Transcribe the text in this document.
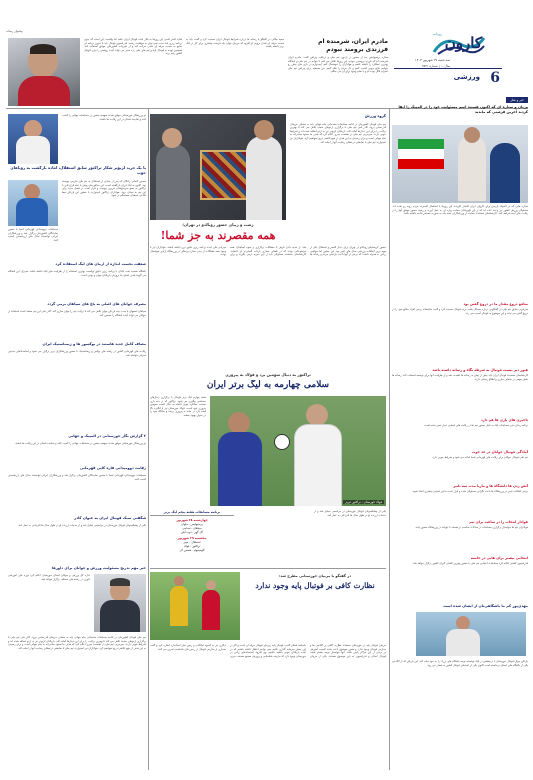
کارون
روزنامه
سه شنبه ۲۷ شهریور ۱۴۰۳
سال ... | شماره ۳۵۳۱
6
ورزشی
پیشواز رسانه
مادرم ایران، شرمنده ام
فرزندی برومند نبودم
ستاره پرسپولیس بعد از حضور در اردوی تیم ملی و دریافت پیراهن گفت: مادرم ایران شرمنده ام که فرزند برومندی نبودم. این روزها تلاش می کنم تا بتوانم در تیم ملی و باشگاه بهترین عملکرد را داشته باشم و هواداران را خوشحال کنم. امیدوارم در بازی های پیش رو بتوانیم نتایج خوبی کسب کنیم و دل مردم را شاد کنیم. من همیشه برای پیراهن تیم ملی احترام قائل بوده ام و با تمام وجود برای آن می جنگم.
شاید کمتر کسی این روزها به فکر آینده فوتبال ایران باشد اما واقعیت این است که بدون برنامه ریزی بلند مدت نمی توان به موفقیت رسید. فدراسیون فوتبال باید با تدوین برنامه ای جامع به سمت حرفه ای شدن حرکت کند و از تجربیات کشورهای موفق استفاده کند. همچنین توجه به فوتبال پایه و تیم های ملی رده سنی می تواند آینده روشنی را برای فوتبال کشور رقم بزند.
مجید جلالی در گفتگو با رسانه ها درباره شرایط فوتبال ایران صحبت کرد و گفت باید به سمت حرفه ای شدن برویم. او افزود که مربیان جوان باید فرصت بیشتری برای کار در لیگ برتر داشته باشند.
خبر و نظر
وزنان و ستاره ای که اکنون هستند اسم مسئولیت خود را در المپیک را ایفا کردند آخرین فرصتی که ماندند
ستاره هایی که در المپیک پاریس برای کاروان ایران افتخار آفریدند این روزها با استقبال گسترده مردم روبه رو شده اند. مسئولان ورزش کشور نیز وعده داده اند که از این قهرمانان حمایت ویژه ای به عمل آورند و زمینه حضور موفق آنها را در رقابت های آینده فراهم کنند. کارشناسان معتقدند حمایت از ورزشکاران نخبه باید به صورت مستمر ادامه داشته باشد.
منافع دروغ مقدار ما در دروغ گفتن بود
سرمربی سابق تیم ملی در گفتگویی درباره مسائل پشت پرده فوتبال صحبت کرد و گفت متاسفانه برخی افراد منافع خود را در دروغ گفتن می بینند و این موضوع به فوتبال آسیب می زند.
هنوز دیر نیست فوتبال به شرطه نگاه و رسانه داشته باشد
کارشناسان معتقدند فوتبال ایران باید بیش از پیش به رسانه ها اهمیت دهد و از ظرفیت آنها برای توسعه استفاده کند. رسانه ها نقش مهمی در شفاف سازی و اطلاع رسانی دارند.
تاخیری های بازی ها هم دارد
برنامه زمان بندی مسابقات لیگ به دلیل حضور تیم ها در رقابت های آسیایی دچار تغییر شده است.
آمادگی فوتبال جوانان در حد خوب
تیم ملی فوتبال جوانان برای رقابت های قهرمانی آسیا آماده می شود و شرایط خوبی دارد.
آتش زدن ها دانشگاه ها و ماریا مدت سه تاثیر
برخی اتفاقات اخیر در ورزشگاه ها باعث نگرانی مسئولان شده و قرار است تدابیر امنیتی بیشتری اتخاذ شود.
هوادار انتخاب را در ساعت برای تیم
هواداران تیم ها خواستار برگزاری مسابقات در ساعات مناسب تر هستند تا بتوانند در ورزشگاه حضور یابند.
انتخابی بیشتر برای هایی در جامعه
فدراسیون کشتی اعلام کرد مسابقات انتخابی تیم ملی با حضور بهترین کشتی گیران کشور برگزار خواهد شد.
مهدی‌پور کم ما باشگاهی‌تان از ایشان شده است
بازیکن جوان فوتبال خوزستان با درخشش در لیگ توانسته توجه باشگاه های بزرگ را به خود جلب کند. این بازیکن که از آکادمی یکی از باشگاه های استان برخاسته است اکنون یکی از امیدهای فوتبال کشور به شمار می رود.
گروه ورزش
تیم ملی فوتبال کشورمان در ادامه مسابقات مقدماتی جام جهانی باید به مصاف حریفان قدرتمندی برود. کادر فنی تیم ملی با برگزاری اردوهای متعدد تلاش می کند تا بهترین ترکیب را برای این دیدارها آماده کند. بازیکنان لژیونر نیز به اردو اضافه شده اند و شرایط خوبی دارند. سرمربی تیم ملی در نشست خبری اعلام کرد که هدف ما صعود مقتدرانه به جام جهانی است و برای رسیدن به این هدف از هیچ تلاشی دریغ نخواهیم کرد. هواداران نیز امیدوارند تیم ملی با نمایشی درخشان رضایت آنها را جلب کند.
زشت و زیبای حضور روبالدو در تهران؛
همه مقصرند به جز شما!
حضور کریستیانو رونالدو در تهران برای دیدار النصر و استقلال یکی از مهم ترین اتفاقات ورزشی سال های اخیر بود. این حضور اما حواشی زیادی به همراه داشت که برخی از آنها باعث ناراحتی مردم و رسانه ها شد. از هدیه دادن فرش تا مشکلات برگزاری و نحوه استقبال، همه موضوعاتی بودند که در فضای مجازی بازتاب گسترده ای داشتند. کارشناسان معتقدند مسئولان باید از این تجربه درس بگیرند و برای میزبانی های آینده برنامه ریزی دقیق تری داشته باشند. هواداران نیز با وجود همه مشکلات از دیدن ستاره پرتغالی در ورزشگاه آزادی خوشحال بودند.
دو ورزشکار خوزستانی موفق شدند سهمیه حضور در مسابقات جهانی را کسب کنند و نماینده استان در این رقابت ها باشند.
با یک خرید لژیونر شکار تراکتور سابق استقلال، آماده بازگشت به رویاهای خوب
حسین کنعانی زادگان که پس از جدایی از استقلال به تیم های خارجی پیوسته بود، اکنون به لیگ ایران بازگشته است. این مدافع ملی پوش با عقد قراردادی با تراکتور به جمع سرخپوشان تبریزی پیوست و قرار است در فصل جدید برای این تیم به میدان برود. هواداران تراکتور امیدوارند با حضور این بازیکن خط دفاعی تیمشان مستحکم تر شود.
مسابقات دوومیدانی قهرمانی آسیا با حضور نمایندگان کشورمان برگزار شد و ورزشکاران ایرانی توانستند مدال های ارزشمندی کسب کنند.
صعفت نخست اندازه از آرمان های لیگ استفاده کرد
باشگاه صنعت نفت آبادان با برنامه ریزی دقیق توانست بهترین استفاده را از ظرفیت های لیگ داشته باشد. مدیران این باشگاه می گویند هدف اصلی ما پرورش بازیکنان جوان و بومی است.
مصرف جوانان های اصلی به باغ های سپاهان برمی گردد
سپاهان اصفهان با جذب چند بازیکن جوان تلاش می کند تا ترکیب تیم را جوان سازی کند. کادر فنی این تیم معتقد است استفاده از جوانان می تواند آینده باشگاه را تضمین کند.
مصاف کامل جدید هاستند در بوکسور ها و ژیمناستیک ایران
رقابت های قهرمانی کشور در رشته های بوکس و ژیمناستیک با حضور ورزشکاران برتر برگزار می شود و استعدادهای جدیدی معرفی خواهند شد.
تراکتور به دنبال سومین برد و فولاد به پیروزی
سلامی چهارمه به لیگ برتر ایران
فولاد خوزستان - تراکتور تبریز
هفته چهارم لیگ برتر فوتبال با برگزاری دیدارهای حساسی پیگیری می شود. تراکتور که در سه بازی نخست عملکرد خوبی داشته به دنبال کسب سومین پیروزی خود است. فولاد خوزستان نیز با انگیزه بالا قصد دارد در خانه به پیروزی برسد و جایگاه خود را در جدول بهبود بخشد.
برنامه مسابقات هفته پنجم لیگ برتر
چهارشنبه ۲۸ شهریور
پرسپولیس - ملوان
سپاهان - نساجی
گل گهر - ذوب آهن
پنجشنبه ۲۹ شهریور
استقلال - خیبر
تراکتور - فولاد
آلومینیوم - شمس آذر
یکی از پیشکسوتان فوتبال خوزستان در مراسمی تجلیل شد و از خدمات ارزنده او در طول سال ها قدردانی به عمل آمد.
در گفتگو با مربیان خوزستانی مطرح شد:
نظارت کافی بر فوتبال پایه وجود ندارد
مربیان فوتبال پایه در خوزستان معتقدند نظارت کافی بر آکادمی ها و مدارس فوتبال وجود ندارد و همین موضوع باعث شده کیفیت آموزش در برخی از این مراکز پایین باشد. آنها خواستار توجه بیشتر هیئت فوتبال استان و فدراسیون به این موضوع هستند. یکی از مربیان باسابقه استان گفت: فوتبال پایه زیربنای فوتبال حرفه ای است و اگر در این بخش سرمایه گذاری نکنیم نمی توانیم انتظار داشته باشیم که در آینده بازیکنان خوبی داشته باشیم. وی افزود: استعدادهای زیادی در خوزستان وجود دارد که نیازمند شناسایی و پرورش صحیح هستند. مربی دیگری نیز به کمبود امکانات و زمین های استاندارد اشاره کرد و گفت بسیاری از مدارس فوتبال در زمین های نامناسب تمرین می کنند.
۲ گزارش نگار خوزستانی در المپیک و جهانی
دو ورزشکار خوزستانی موفق شدند سهمیه حضور در مسابقات جهانی را کسب کنند و نماینده استان در این رقابت ها باشند.
رقابت دوومیدانی قاره کاپی قهرمانی
مسابقات دوومیدانی قهرمانی آسیا با حضور نمایندگان کشورمان برگزار شد و ورزشکاران ایرانی توانستند مدال های ارزشمندی کسب کنند.
شگفتی سبک فوتبال ایران به عنوان کادر
یکی از پیشکسوتان فوتبال خوزستان در مراسمی تجلیل شد و از خدمات ارزنده او در طول سال ها قدردانی به عمل آمد.
خبر مهم تدریج مسئولیت ورزش و جوانان برای داورها
اداره کل ورزش و جوانان استان خوزستان اعلام کرد دوره های آموزشی داوری در رشته های مختلف برگزار خواهد شد.
تیم ملی فوتبال کشورمان در ادامه مسابقات مقدماتی جام جهانی باید به مصاف حریفان قدرتمندی برود. کادر فنی تیم ملی با برگزاری اردوهای متعدد تلاش می کند تا بهترین ترکیب را برای این دیدارها آماده کند. بازیکنان لژیونر نیز به اردو اضافه شده اند و شرایط خوبی دارند. سرمربی تیم ملی در نشست خبری اعلام کرد که هدف ما صعود مقتدرانه به جام جهانی است و برای رسیدن به این هدف از هیچ تلاشی دریغ نخواهیم کرد. هواداران نیز امیدوارند تیم ملی با نمایشی درخشان رضایت آنها را جلب کند.
